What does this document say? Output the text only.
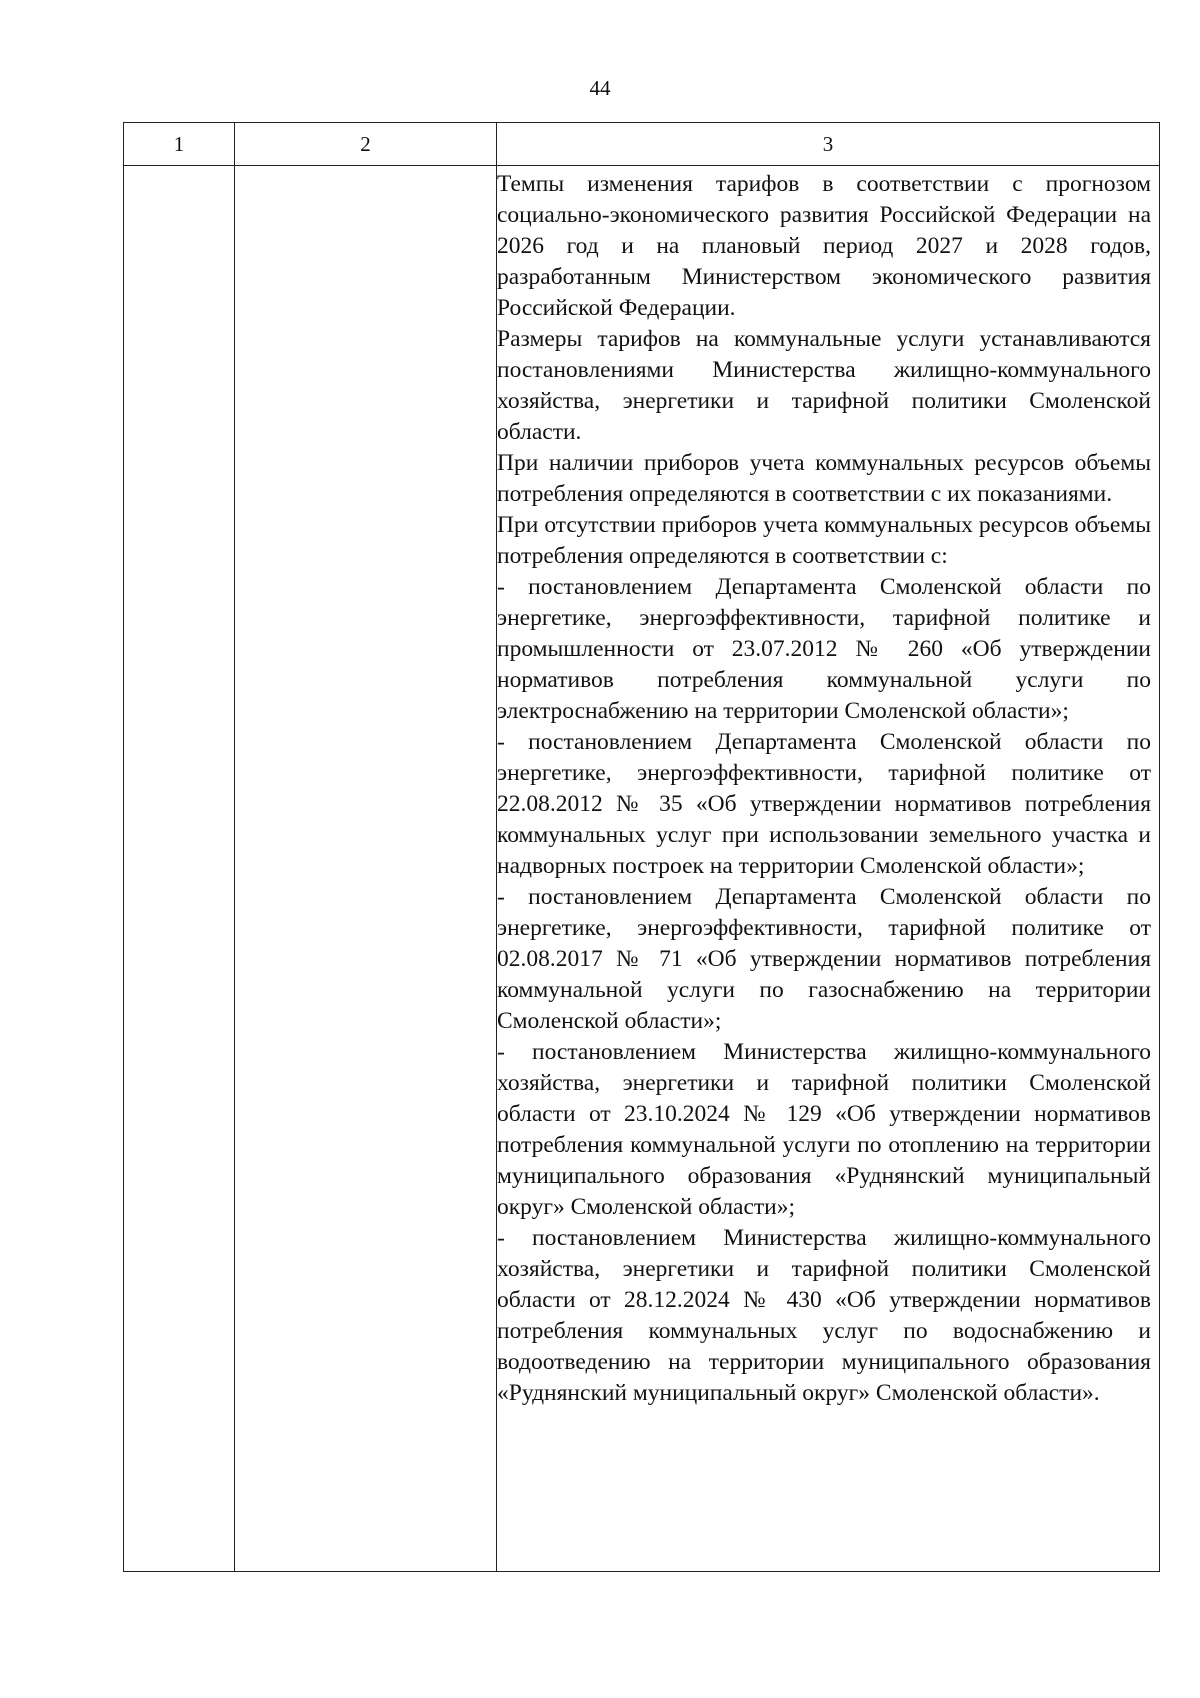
44
1	2	3

Темпы изменения тарифов в соответствии с прогнозом социально-экономического развития Российской Федерации на 2026 год и на плановый период 2027 и 2028 годов, разработанным Министерством экономического развития Российской Федерации.

Размеры тарифов на коммунальные услуги устанавливаются постановлениями Министерства жилищно-коммунального хозяйства, энергетики и тарифной политики Смоленской области.

При наличии приборов учета коммунальных ресурсов объемы потребления определяются в соответствии с их показаниями.

При отсутствии приборов учета коммунальных ресурсов объемы потребления определяются в соответствии с:

- постановлением Департамента Смоленской области по энергетике, энергоэффективности, тарифной политике и промышленности от 23.07.2012 № 260 «Об утверждении нормативов потребления коммунальной услуги по электроснабжению на территории Смоленской области»;

- постановлением Департамента Смоленской области по энергетике, энергоэффективности, тарифной политике от 22.08.2012 № 35 «Об утверждении нормативов потребления коммунальных услуг при использовании земельного участка и надворных построек на территории Смоленской области»;

- постановлением Департамента Смоленской области по энергетике, энергоэффективности, тарифной политике от 02.08.2017 № 71 «Об утверждении нормативов потребления коммунальной услуги по газоснабжению на территории Смоленской области»;

- постановлением Министерства жилищно-коммунального хозяйства, энергетики и тарифной политики Смоленской области от 23.10.2024 № 129 «Об утверждении нормативов потребления коммунальной услуги по отоплению на территории муниципального образования «Руднянский муниципальный округ» Смоленской области»;

- постановлением Министерства жилищно-коммунального хозяйства, энергетики и тарифной политики Смоленской области от 28.12.2024 № 430 «Об утверждении нормативов потребления коммунальных услуг по водоснабжению и водоотведению на территории муниципального образования «Руднянский муниципальный округ» Смоленской области».
